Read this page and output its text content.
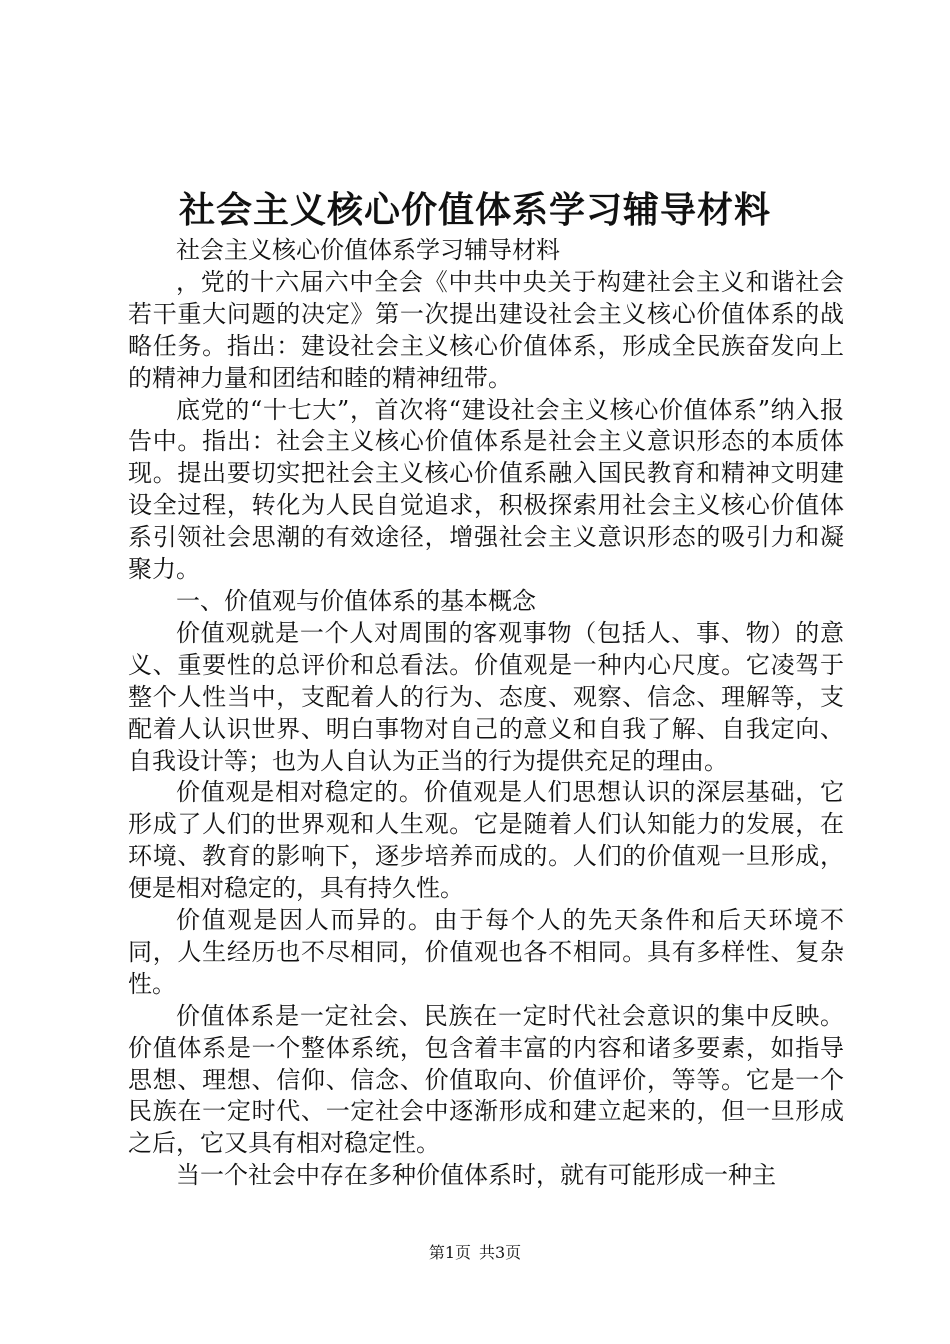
社会主义核心价值体系学习辅导材料

社会主义核心价值体系学习辅导材料

，党的十六届六中全会《中共中央关于构建社会主义和谐社会若干重大问题的决定》第一次提出建设社会主义核心价值体系的战略任务。指出：建设社会主义核心价值体系，形成全民族奋发向上的精神力量和团结和睦的精神纽带。

底党的“十七大”，首次将“建设社会主义核心价值体系”纳入报告中。指出：社会主义核心价值体系是社会主义意识形态的本质体现。提出要切实把社会主义核心价值系融入国民教育和精神文明建设全过程，转化为人民自觉追求，积极探索用社会主义核心价值体系引领社会思潮的有效途径，增强社会主义意识形态的吸引力和凝聚力。

一、价值观与价值体系的基本概念

价值观就是一个人对周围的客观事物（包括人、事、物）的意义、重要性的总评价和总看法。价值观是一种内心尺度。它凌驾于整个人性当中，支配着人的行为、态度、观察、信念、理解等，支配着人认识世界、明白事物对自己的意义和自我了解、自我定向、自我设计等；也为人自认为正当的行为提供充足的理由。

价值观是相对稳定的。价值观是人们思想认识的深层基础，它形成了人们的世界观和人生观。它是随着人们认知能力的发展，在环境、教育的影响下，逐步培养而成的。人们的价值观一旦形成，便是相对稳定的，具有持久性。

价值观是因人而异的。由于每个人的先天条件和后天环境不同，人生经历也不尽相同，价值观也各不相同。具有多样性、复杂性。

价值体系是一定社会、民族在一定时代社会意识的集中反映。价值体系是一个整体系统，包含着丰富的内容和诸多要素，如指导思想、理想、信仰、信念、价值取向、价值评价，等等。它是一个民族在一定时代、一定社会中逐渐形成和建立起来的，但一旦形成之后，它又具有相对稳定性。

当一个社会中存在多种价值体系时，就有可能形成一种主

第1页 共3页
